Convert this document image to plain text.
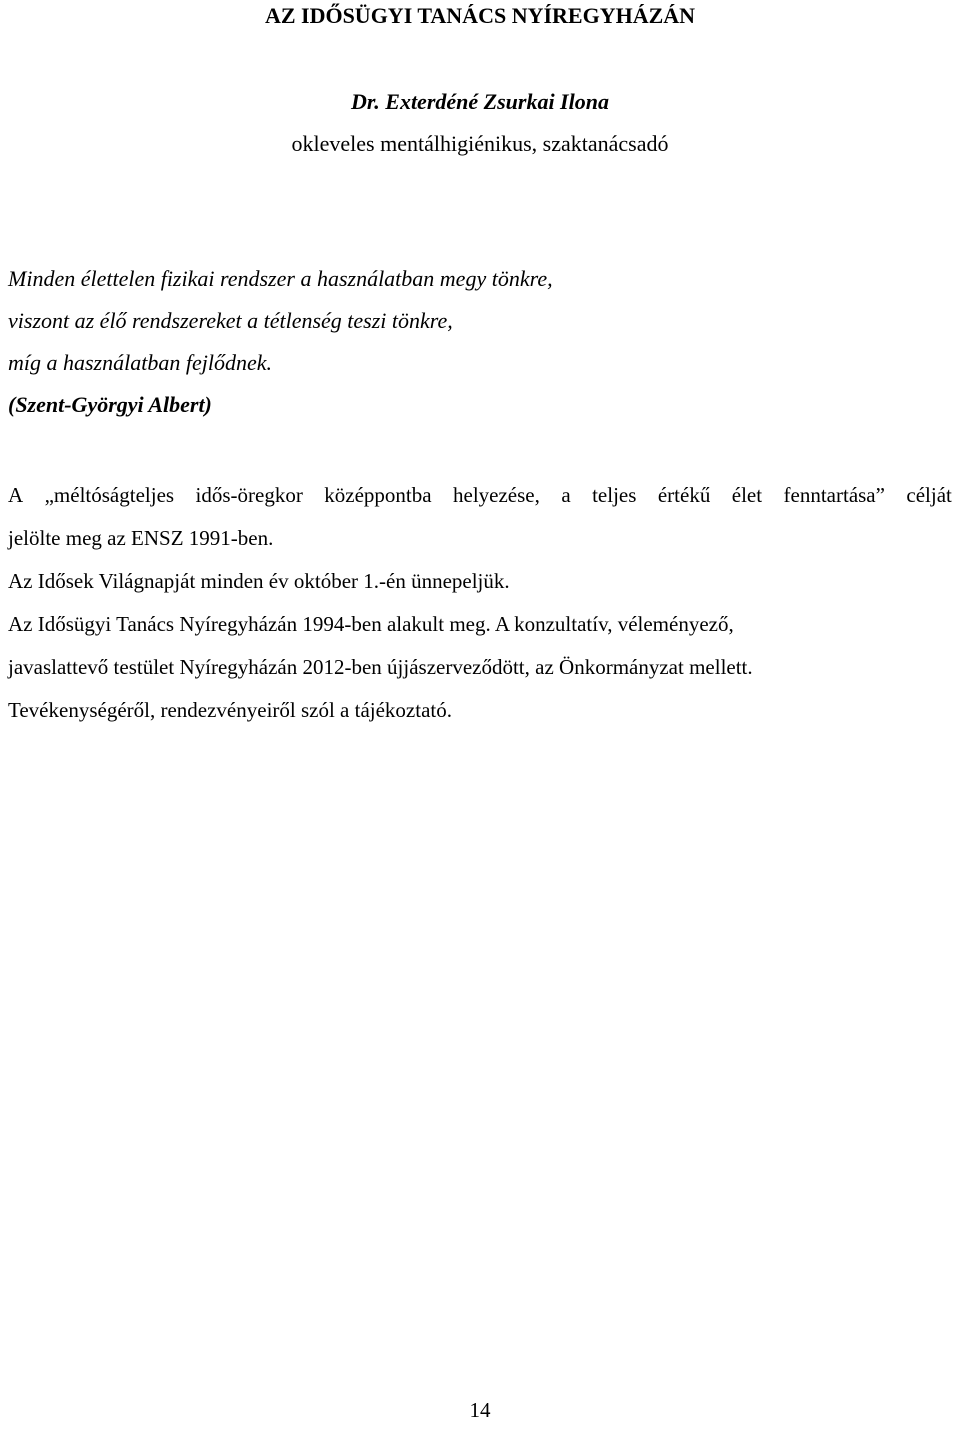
AZ IDŐSÜGYI TANÁCS NYÍREGYHÁZÁN
Dr. Exterdéné Zsurkai Ilona
okleveles mentálhigiénikus, szaktanácsadó
Minden élettelen fizikai rendszer a használatban megy tönkre,
viszont az élő rendszereket a tétlenség teszi tönkre,
míg a használatban fejlődnek.
(Szent-Györgyi Albert)
A „méltóságteljes idős-öregkor középpontba helyezése, a teljes értékű élet fenntartása” célját
jelölte meg az ENSZ 1991-ben.
Az Idősek Világnapját minden év október 1.-én ünnepeljük.
Az Idősügyi Tanács Nyíregyházán 1994-ben alakult meg. A konzultatív, véleményező,
javaslattevő testület Nyíregyházán 2012-ben újjászerveződött, az Önkormányzat mellett.
Tevékenységéről, rendezvényeiről szól a tájékoztató.
14
